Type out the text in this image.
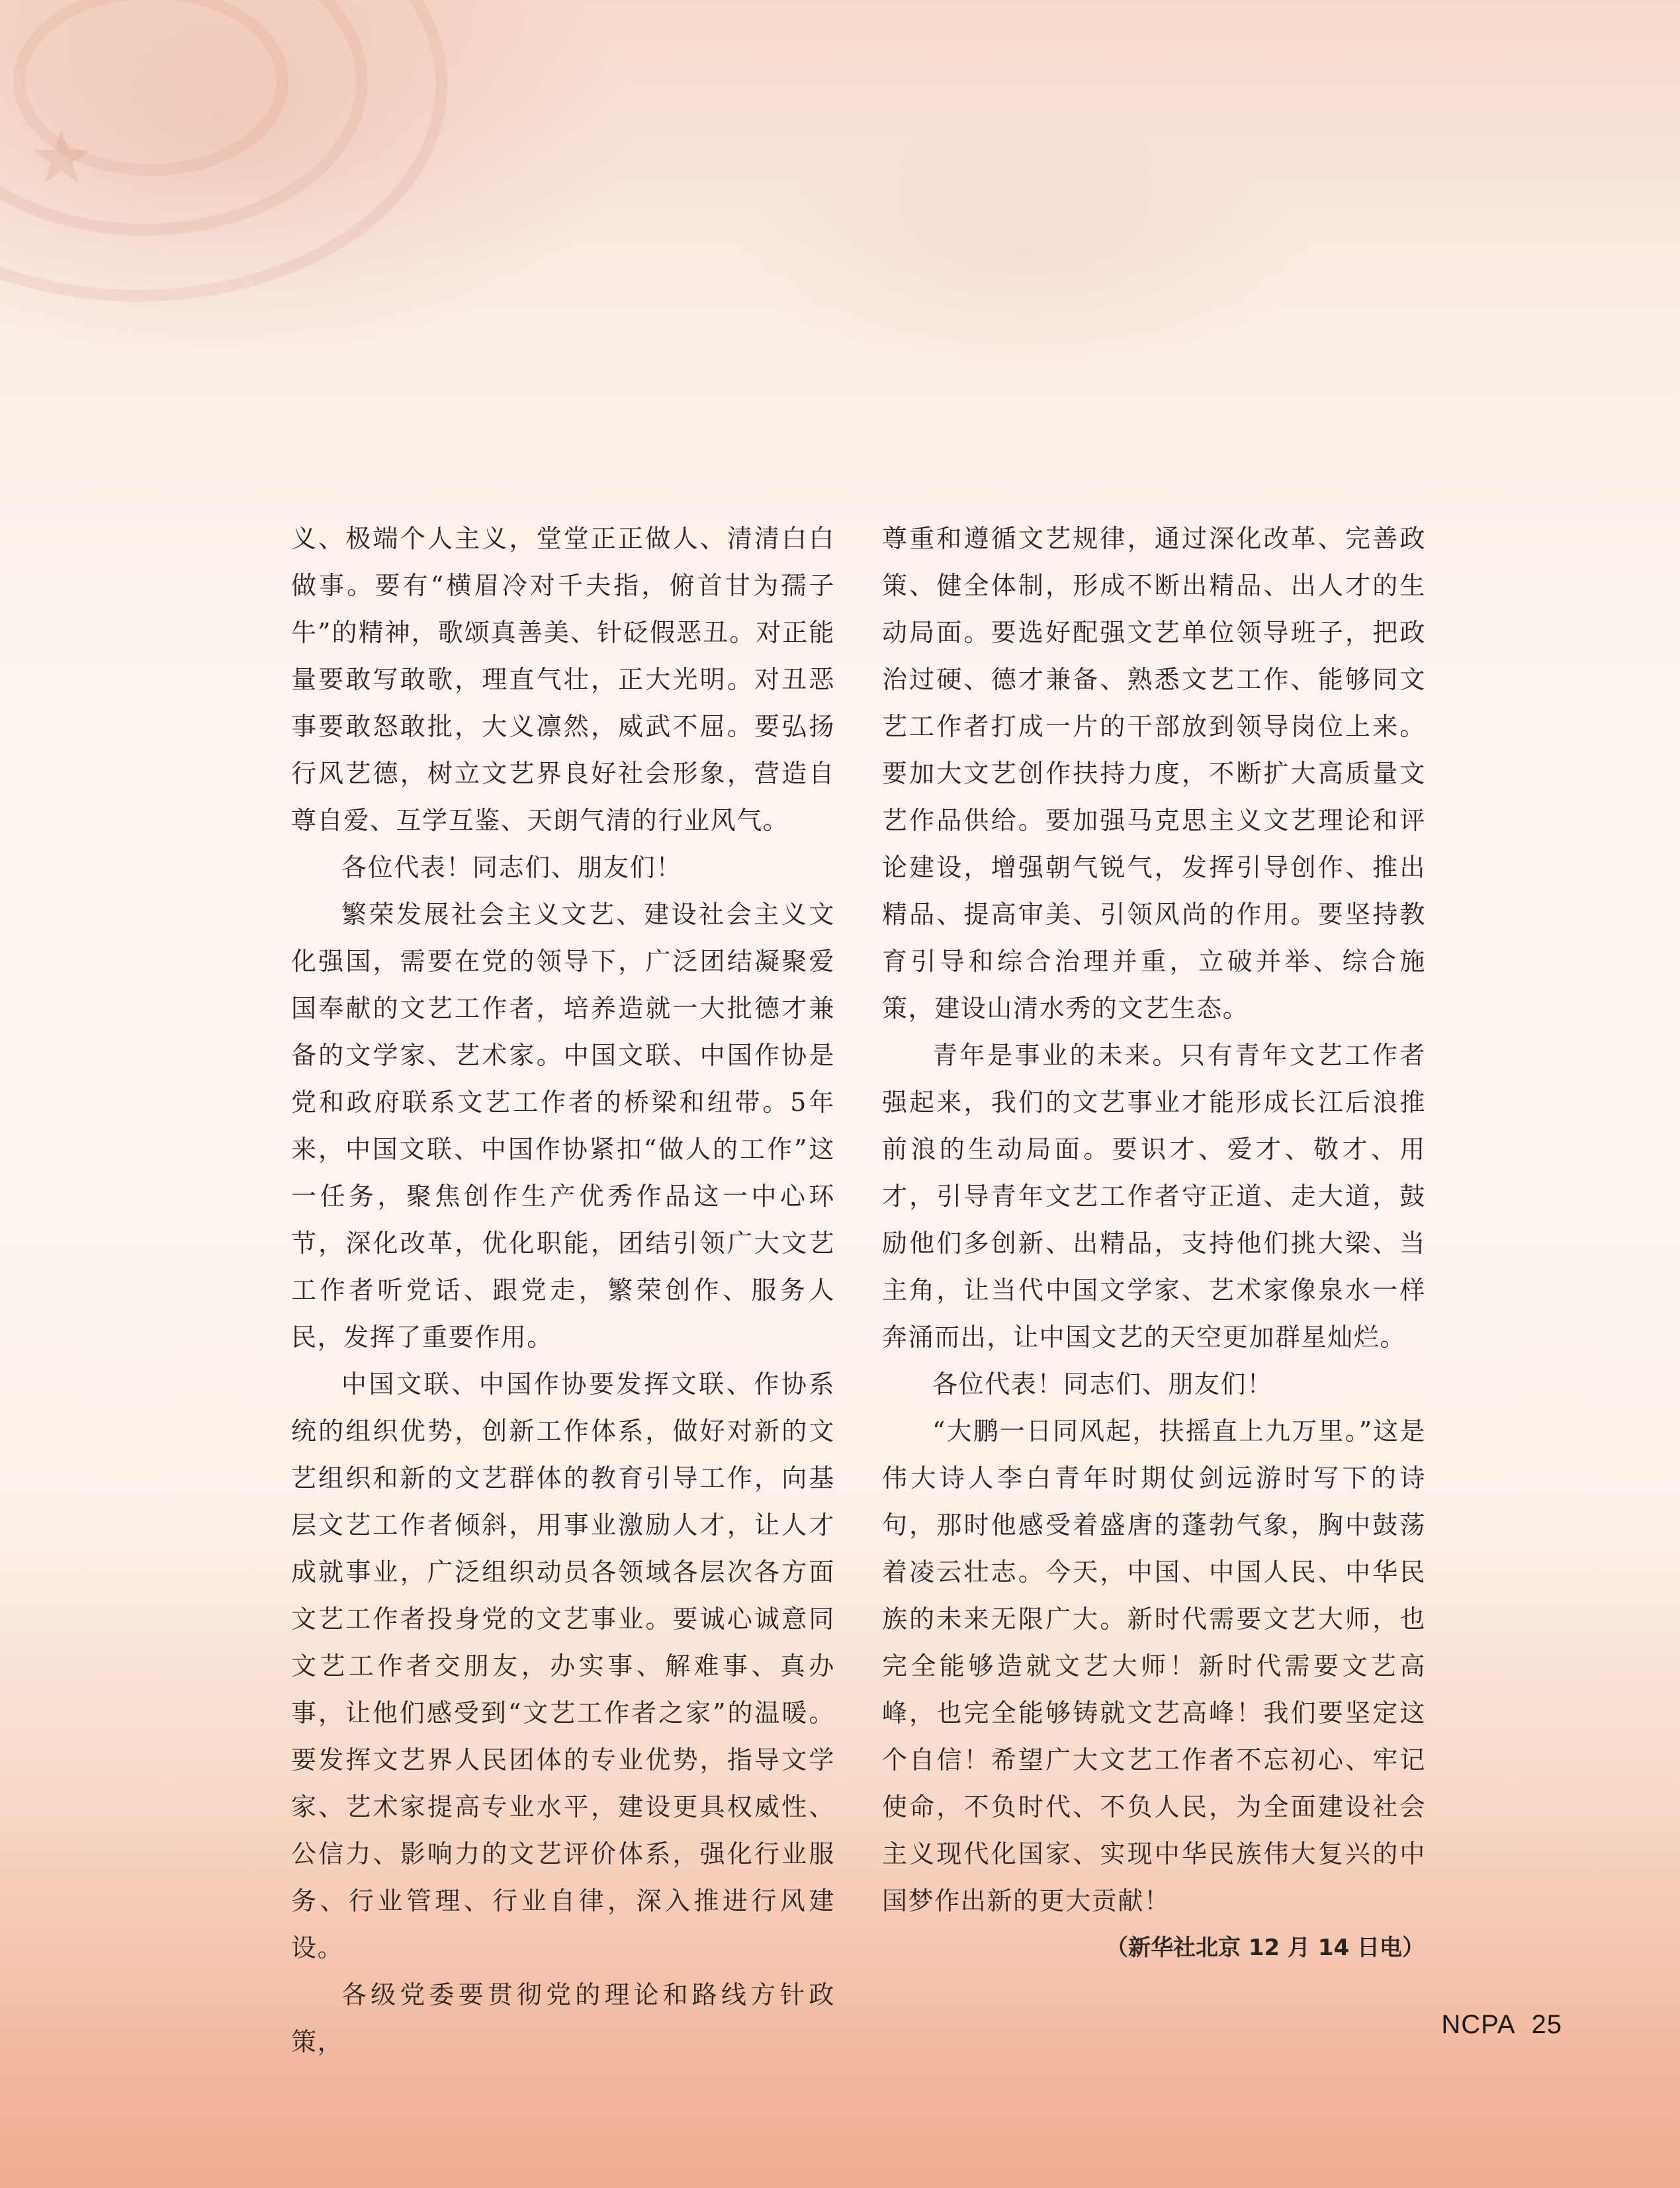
义、极端个人主义，堂堂正正做人、清清白白做事。要有“横眉冷对千夫指，俯首甘为孺子牛”的精神，歌颂真善美、针砭假恶丑。对正能量要敢写敢歌，理直气壮，正大光明。对丑恶事要敢怒敢批，大义凛然，威武不屈。要弘扬行风艺德，树立文艺界良好社会形象，营造自尊自爱、互学互鉴、天朗气清的行业风气。

各位代表！同志们、朋友们！

繁荣发展社会主义文艺、建设社会主义文化强国，需要在党的领导下，广泛团结凝聚爱国奉献的文艺工作者，培养造就一大批德才兼备的文学家、艺术家。中国文联、中国作协是党和政府联系文艺工作者的桥梁和纽带。5年来，中国文联、中国作协紧扣“做人的工作”这一任务，聚焦创作生产优秀作品这一中心环节，深化改革，优化职能，团结引领广大文艺工作者听党话、跟党走，繁荣创作、服务人民，发挥了重要作用。

中国文联、中国作协要发挥文联、作协系统的组织优势，创新工作体系，做好对新的文艺组织和新的文艺群体的教育引导工作，向基层文艺工作者倾斜，用事业激励人才，让人才成就事业，广泛组织动员各领域各层次各方面文艺工作者投身党的文艺事业。要诚心诚意同文艺工作者交朋友，办实事、解难事、真办事，让他们感受到“文艺工作者之家”的温暖。要发挥文艺界人民团体的专业优势，指导文学家、艺术家提高专业水平，建设更具权威性、公信力、影响力的文艺评价体系，强化行业服务、行业管理、行业自律，深入推进行风建设。

各级党委要贯彻党的理论和路线方针政策，

尊重和遵循文艺规律，通过深化改革、完善政策、健全体制，形成不断出精品、出人才的生动局面。要选好配强文艺单位领导班子，把政治过硬、德才兼备、熟悉文艺工作、能够同文艺工作者打成一片的干部放到领导岗位上来。要加大文艺创作扶持力度，不断扩大高质量文艺作品供给。要加强马克思主义文艺理论和评论建设，增强朝气锐气，发挥引导创作、推出精品、提高审美、引领风尚的作用。要坚持教育引导和综合治理并重，立破并举、综合施策，建设山清水秀的文艺生态。

青年是事业的未来。只有青年文艺工作者强起来，我们的文艺事业才能形成长江后浪推前浪的生动局面。要识才、爱才、敬才、用才，引导青年文艺工作者守正道、走大道，鼓励他们多创新、出精品，支持他们挑大梁、当主角，让当代中国文学家、艺术家像泉水一样奔涌而出，让中国文艺的天空更加群星灿烂。

各位代表！同志们、朋友们！

“大鹏一日同风起，扶摇直上九万里。”这是伟大诗人李白青年时期仗剑远游时写下的诗句，那时他感受着盛唐的蓬勃气象，胸中鼓荡着凌云壮志。今天，中国、中国人民、中华民族的未来无限广大。新时代需要文艺大师，也完全能够造就文艺大师！新时代需要文艺高峰，也完全能够铸就文艺高峰！我们要坚定这个自信！希望广大文艺工作者不忘初心、牢记使命，不负时代、不负人民，为全面建设社会主义现代化国家、实现中华民族伟大复兴的中国梦作出新的更大贡献！

（新华社北京 12 月 14 日电）

NCPA 25
